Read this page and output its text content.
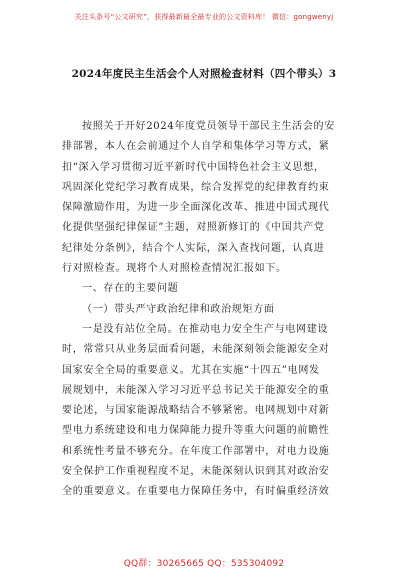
关注头条号“公文研究”，获得最新最全最专业的公文资料库！ 微信：gongwenyj
2024年度民主生活会个人对照检查材料（四个带头）3
按照关于开好2024年度党员领导干部民主生活会的安
排部署，本人在会前通过个人自学和集体学习等方式，紧
扣“深入学习贯彻习近平新时代中国特色社会主义思想，
巩固深化党纪学习教育成果，综合发挥党的纪律教育约束
保障激励作用，为进一步全面深化改革、推进中国式现代
化提供坚强纪律保证”主题，对照新修订的《中国共产党
纪律处分条例》，结合个人实际，深入查找问题，认真进
行对照检查。现将个人对照检查情况汇报如下。
一、存在的主要问题
（一）带头严守政治纪律和政治规矩方面
一是没有站位全局。在推动电力安全生产与电网建设
时，常常只从业务层面看问题，未能深刻领会能源安全对
国家安全全局的重要意义。尤其在实施“十四五”电网发
展规划中，未能深入学习习近平总书记关于能源安全的重
要论述，与国家能源战略结合不够紧密。电网规划中对新
型电力系统建设和电力保障能力提升等重大问题的前瞻性
和系统性考量不够充分。在年度工作部署中，对电力设施
安全保护工作重视程度不足，未能深刻认识到其对政治安
全的重要意义。在重要电力保障任务中，有时偏重经济效
QQ群：30265665 QQ：535304092
